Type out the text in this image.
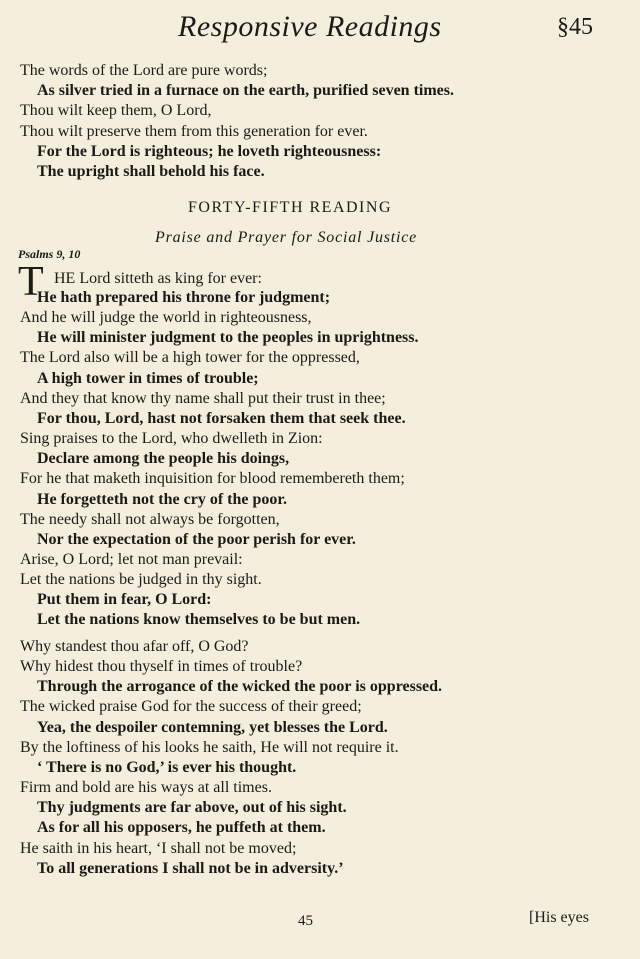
Responsive Readings	§45
The words of the Lord are pure words;
As silver tried in a furnace on the earth, purified seven times.
Thou wilt keep them, O Lord,
Thou wilt preserve them from this generation for ever.
For the Lord is righteous; he loveth righteousness:
The upright shall behold his face.
FORTY-FIFTH READING
Praise and Prayer for Social Justice
Psalms 9, 10
T HE Lord sitteth as king for ever:
He hath prepared his throne for judgment;
And he will judge the world in righteousness,
He will minister judgment to the peoples in uprightness.
The Lord also will be a high tower for the oppressed,
A high tower in times of trouble;
And they that know thy name shall put their trust in thee;
For thou, Lord, hast not forsaken them that seek thee.
Sing praises to the Lord, who dwelleth in Zion:
Declare among the people his doings,
For he that maketh inquisition for blood remembereth them;
He forgetteth not the cry of the poor.
The needy shall not always be forgotten,
Nor the expectation of the poor perish for ever.
Arise, O Lord; let not man prevail:
Let the nations be judged in thy sight.
Put them in fear, O Lord:
Let the nations know themselves to be but men.
Why standest thou afar off, O God?
Why hidest thou thyself in times of trouble?
Through the arrogance of the wicked the poor is oppressed.
The wicked praise God for the success of their greed;
Yea, the despoiler contemning, yet blesses the Lord.
By the loftiness of his looks he saith, He will not require it.
‘ There is no God,’ is ever his thought.
Firm and bold are his ways at all times.
Thy judgments are far above, out of his sight.
As for all his opposers, he puffeth at them.
He saith in his heart, ‘I shall not be moved;
To all generations I shall not be in adversity.’
45	[His eyes
